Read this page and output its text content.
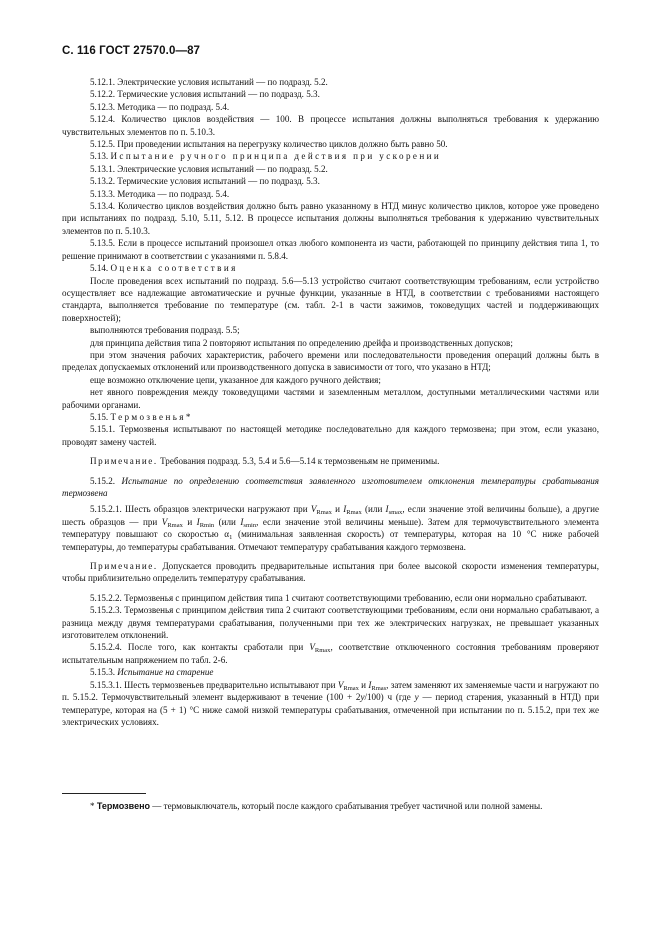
С. 116 ГОСТ 27570.0—87

5.12.1. Электрические условия испытаний — по подразд. 5.2.

5.12.2. Термические условия испытаний — по подразд. 5.3.

5.12.3. Методика — по подразд. 5.4.

5.12.4. Количество циклов воздействия — 100. В процессе испытания должны выполняться требования к удержанию чувствительных элементов по п. 5.10.3.

5.12.5. При проведении испытания на перегрузку количество циклов должно быть равно 50.

5.13. Испытание ручного принципа действия при ускорении

5.13.1. Электрические условия испытаний — по подразд. 5.2.

5.13.2. Термические условия испытаний — по подразд. 5.3.

5.13.3. Методика — по подразд. 5.4.

5.13.4. Количество циклов воздействия должно быть равно указанному в НТД минус количество циклов, которое уже проведено при испытаниях по подразд. 5.10, 5.11, 5.12. В процессе испытания должны выполняться требования к удержанию чувствительных элементов по п. 5.10.3.

5.13.5. Если в процессе испытаний произошел отказ любого компонента из части, работающей по принципу действия типа 1, то решение принимают в соответствии с указаниями п. 5.8.4.

5.14. Оценка соответствия

После проведения всех испытаний по подразд. 5.6—5.13 устройство считают соответствующим требованиям, если устройство осуществляет все надлежащие автоматические и ручные функции, указанные в НТД, в соответствии с требованиями настоящего стандарта, выполняется требование по температуре (см. табл. 2-1 в части зажимов, токоведущих частей и поддерживающих поверхностей);

выполняются требования подразд. 5.5;

для принципа действия типа 2 повторяют испытания по определению дрейфа и производственных допусков;

при этом значения рабочих характеристик, рабочего времени или последовательности проведения операций должны быть в пределах допускаемых отклонений или производственного допуска в зависимости от того, что указано в НТД;

еще возможно отключение цепи, указанное для каждого ручного действия;

нет явного повреждения между токоведущими частями и заземленным металлом, доступными металлическими частями или рабочими органами.

5.15. Термозвенья*

5.15.1. Термозвенья испытывают по настоящей методике последовательно для каждого термозвена; при этом, если указано, проводят замену частей.

Примечание. Требования подразд. 5.3, 5.4 и 5.6—5.14 к термозвеньям не применимы.

5.15.2. Испытание по определению соответствия заявленного изготовителем отклонения температуры срабатывания термозвена

5.15.2.1. Шесть образцов электрически нагружают при $V_{Rmax}$ и $I_{Rmax}$ (или $I_{smax}$, если значение этой величины больше), а другие шесть образцов — при $V_{Rmax}$ и $I_{Rmin}$ (или $I_{smin}$, если значение этой величины меньше). Затем для термочувствительного элемента температуру повышают со скоростью $\alpha_1$ (минимальная заявленная скорость) от температуры, которая на 10 °С ниже рабочей температуры, до температуры срабатывания. Отмечают температуру срабатывания каждого термозвена.

Примечание. Допускается проводить предварительные испытания при более высокой скорости изменения температуры, чтобы приблизительно определить температуру срабатывания.

5.15.2.2. Термозвенья с принципом действия типа 1 считают соответствующими требованию, если они нормально срабатывают.

5.15.2.3. Термозвенья с принципом действия типа 2 считают соответствующими требованиям, если они нормально срабатывают, а разница между двумя температурами срабатывания, полученными при тех же электрических нагрузках, не превышает указанных изготовителем отклонений.

5.15.2.4. После того, как контакты сработали при $V_{Rmax}$, соответствие отключенного состояния требованиям проверяют испытательным напряжением по табл. 2-6.

5.15.3. Испытание на старение

5.15.3.1. Шесть термозвеньев предварительно испытывают при $V_{Rmax}$ и $I_{Rmas}$, затем заменяют их заменяемые части и нагружают по п. 5.15.2. Термочувствительный элемент выдерживают в течение (100 + 2y/100) ч (где y — период старения, указанный в НТД) при температуре, которая на (5 + 1) °С ниже самой низкой температуры срабатывания, отмеченной при испытании по п. 5.15.2, при тех же электрических условиях.

* Термозвено — термовыключатель, который после каждого срабатывания требует частичной или полной замены.
